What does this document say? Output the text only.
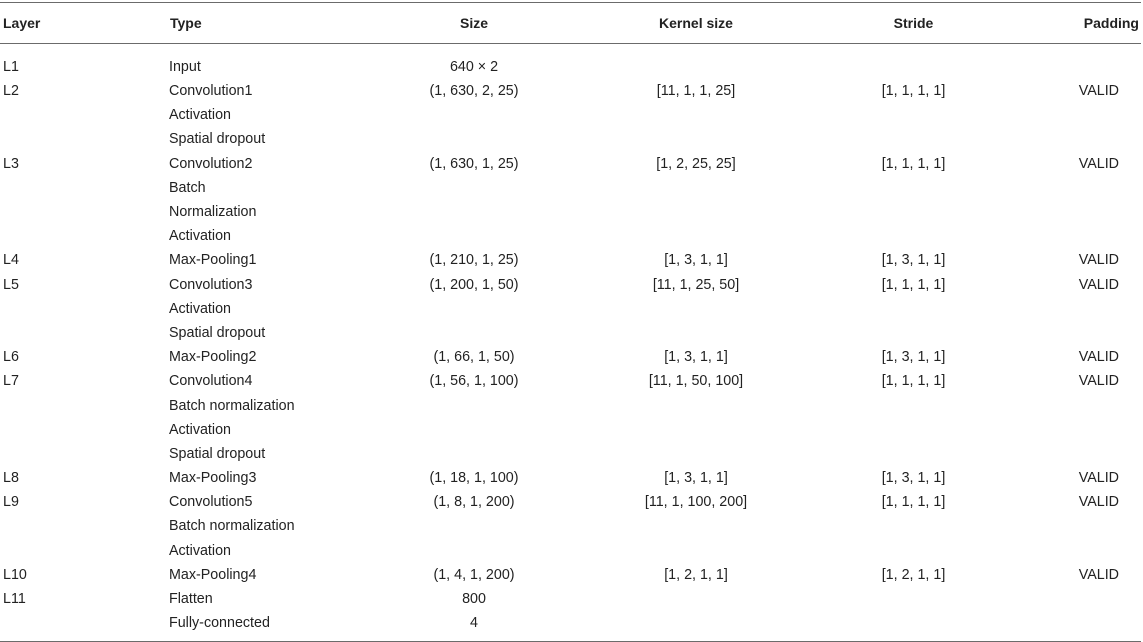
Layer	Type	Size	Kernel size	Stride	Padding
L1	Input	640 × 2			
L2	Convolution1	(1, 630, 2, 25)	[11, 1, 1, 25]	[1, 1, 1, 1]	VALID
	Activation				
	Spatial dropout				
L3	Convolution2	(1, 630, 1, 25)	[1, 2, 25, 25]	[1, 1, 1, 1]	VALID
	Batch				
	Normalization				
	Activation				
L4	Max-Pooling1	(1, 210, 1, 25)	[1, 3, 1, 1]	[1, 3, 1, 1]	VALID
L5	Convolution3	(1, 200, 1, 50)	[11, 1, 25, 50]	[1, 1, 1, 1]	VALID
	Activation				
	Spatial dropout				
L6	Max-Pooling2	(1, 66, 1, 50)	[1, 3, 1, 1]	[1, 3, 1, 1]	VALID
L7	Convolution4	(1, 56, 1, 100)	[11, 1, 50, 100]	[1, 1, 1, 1]	VALID
	Batch normalization				
	Activation				
	Spatial dropout				
L8	Max-Pooling3	(1, 18, 1, 100)	[1, 3, 1, 1]	[1, 3, 1, 1]	VALID
L9	Convolution5	(1, 8, 1, 200)	[11, 1, 100, 200]	[1, 1, 1, 1]	VALID
	Batch normalization				
	Activation				
L10	Max-Pooling4	(1, 4, 1, 200)	[1, 2, 1, 1]	[1, 2, 1, 1]	VALID
L11	Flatten	800			
	Fully-connected	4			
